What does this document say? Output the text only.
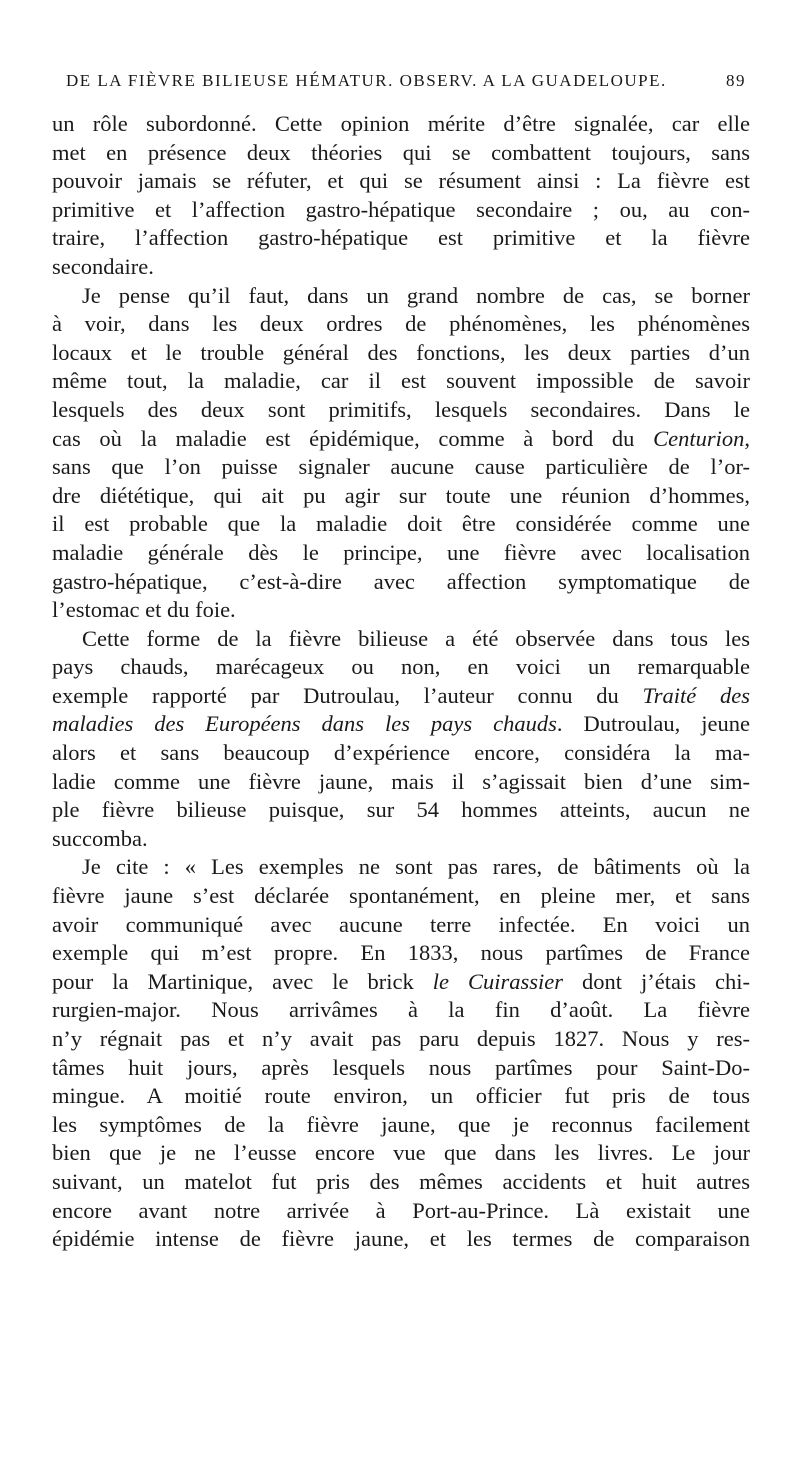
DE LA FIÈVRE BILIEUSE HÉMATUR. OBSERV. A LA GUADELOUPE.	89
un rôle subordonné. Cette opinion mérite d’être signalée, car elle
met en présence deux théories qui se combattent toujours, sans
pouvoir jamais se réfuter, et qui se résument ainsi : La fièvre est
primitive et l’affection gastro-hépatique secondaire ; ou, au con-
traire, l’affection gastro-hépatique est primitive et la fièvre
secondaire.
Je pense qu’il faut, dans un grand nombre de cas, se borner
à voir, dans les deux ordres de phénomènes, les phénomènes
locaux et le trouble général des fonctions, les deux parties d’un
même tout, la maladie, car il est souvent impossible de savoir
lesquels des deux sont primitifs, lesquels secondaires. Dans le
cas où la maladie est épidémique, comme à bord du Centurion,
sans que l’on puisse signaler aucune cause particulière de l’or-
dre diététique, qui ait pu agir sur toute une réunion d’hommes,
il est probable que la maladie doit être considérée comme une
maladie générale dès le principe, une fièvre avec localisation
gastro-hépatique, c’est-à-dire avec affection symptomatique de
l’estomac et du foie.
Cette forme de la fièvre bilieuse a été observée dans tous les
pays chauds, marécageux ou non, en voici un remarquable
exemple rapporté par Dutroulau, l’auteur connu du Traité des
maladies des Européens dans les pays chauds. Dutroulau, jeune
alors et sans beaucoup d’expérience encore, considéra la ma-
ladie comme une fièvre jaune, mais il s’agissait bien d’une sim-
ple fièvre bilieuse puisque, sur 54 hommes atteints, aucun ne
succomba.
Je cite : « Les exemples ne sont pas rares, de bâtiments où la
fièvre jaune s’est déclarée spontanément, en pleine mer, et sans
avoir communiqué avec aucune terre infectée. En voici un
exemple qui m’est propre. En 1833, nous partîmes de France
pour la Martinique, avec le brick le Cuirassier dont j’étais chi-
rurgien-major. Nous arrivâmes à la fin d’août. La fièvre
n’y régnait pas et n’y avait pas paru depuis 1827. Nous y res-
tâmes huit jours, après lesquels nous partîmes pour Saint-Do-
mingue. A moitié route environ, un officier fut pris de tous
les symptômes de la fièvre jaune, que je reconnus facilement
bien que je ne l’eusse encore vue que dans les livres. Le jour
suivant, un matelot fut pris des mêmes accidents et huit autres
encore avant notre arrivée à Port-au-Prince. Là existait une
épidémie intense de fièvre jaune, et les termes de comparaison
